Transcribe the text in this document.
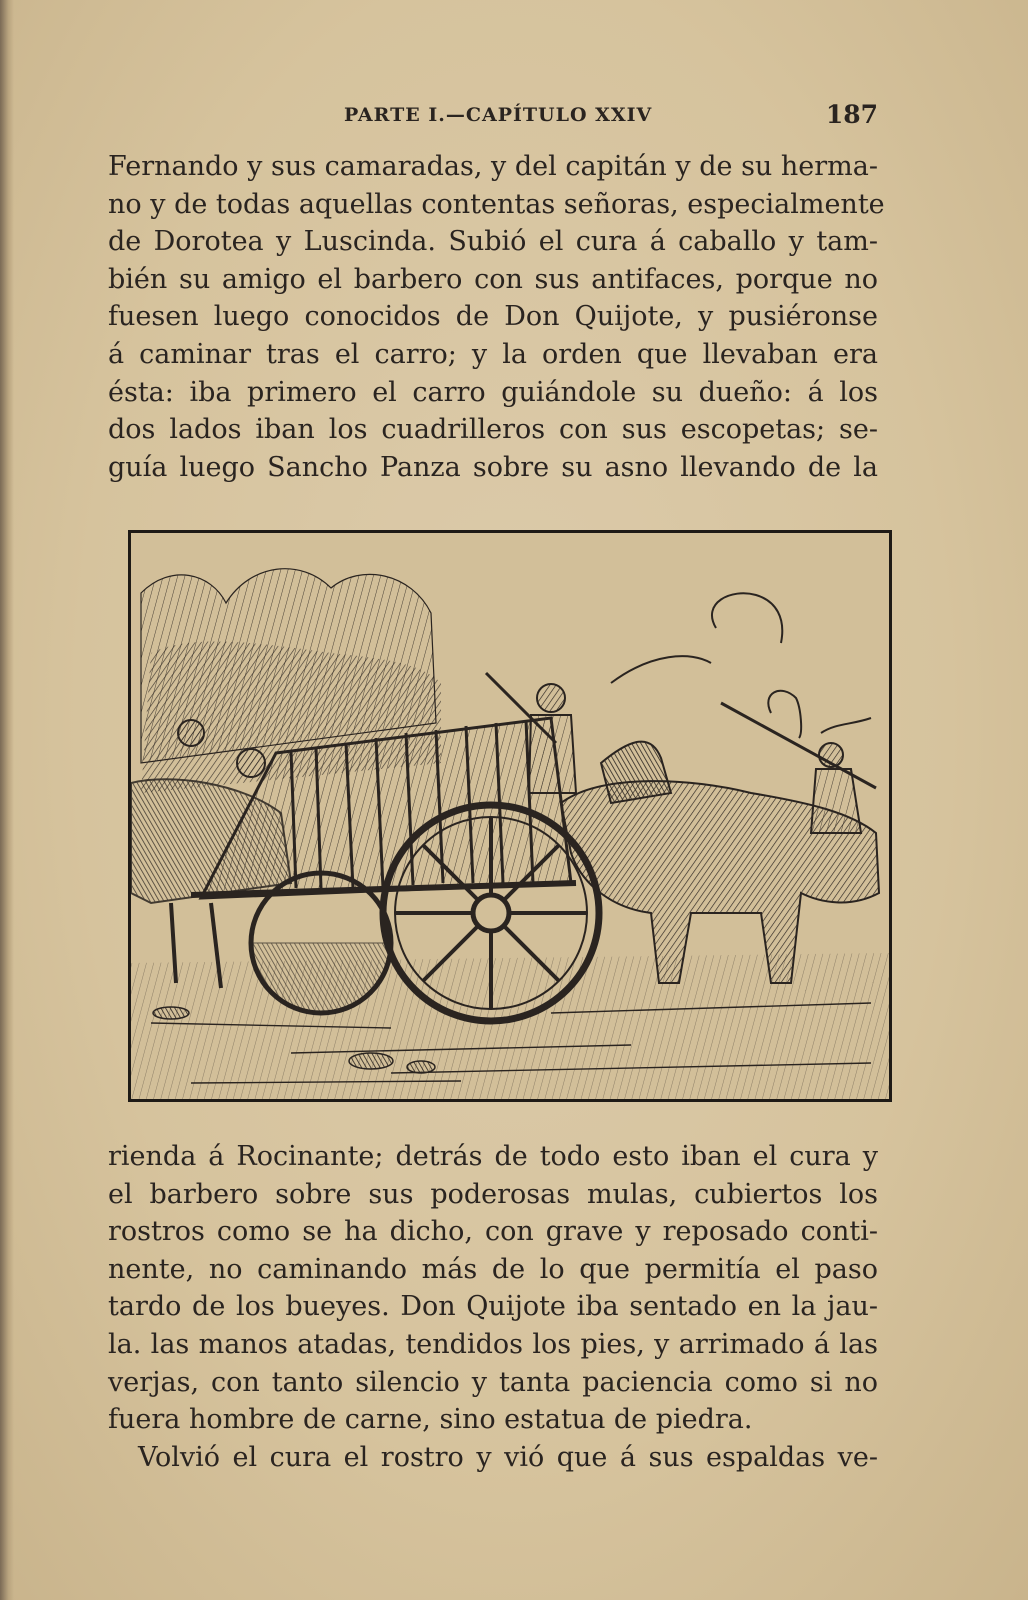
PARTE I.—CAPÍTULO XXIV	187
Fernando y sus camaradas, y del capitán y de su herma-
no y de todas aquellas contentas señoras, especialmente
de Dorotea y Luscinda. Subió el cura á caballo y tam-
bién su amigo el barbero con sus antifaces, porque no
fuesen luego conocidos de Don Quijote, y pusiéronse
á caminar tras el carro; y la orden que llevaban era
ésta: iba primero el carro guiándole su dueño: á los
dos lados iban los cuadrilleros con sus escopetas; se-
guía luego Sancho Panza sobre su asno llevando de la
rienda á Rocinante; detrás de todo esto iban el cura y
el barbero sobre sus poderosas mulas, cubiertos los
rostros como se ha dicho, con grave y reposado conti-
nente, no caminando más de lo que permitía el paso
tardo de los bueyes. Don Quijote iba sentado en la jau-
la. las manos atadas, tendidos los pies, y arrimado á las
verjas, con tanto silencio y tanta paciencia como si no
fuera hombre de carne, sino estatua de piedra.
Volvió el cura el rostro y vió que á sus espaldas ve-
